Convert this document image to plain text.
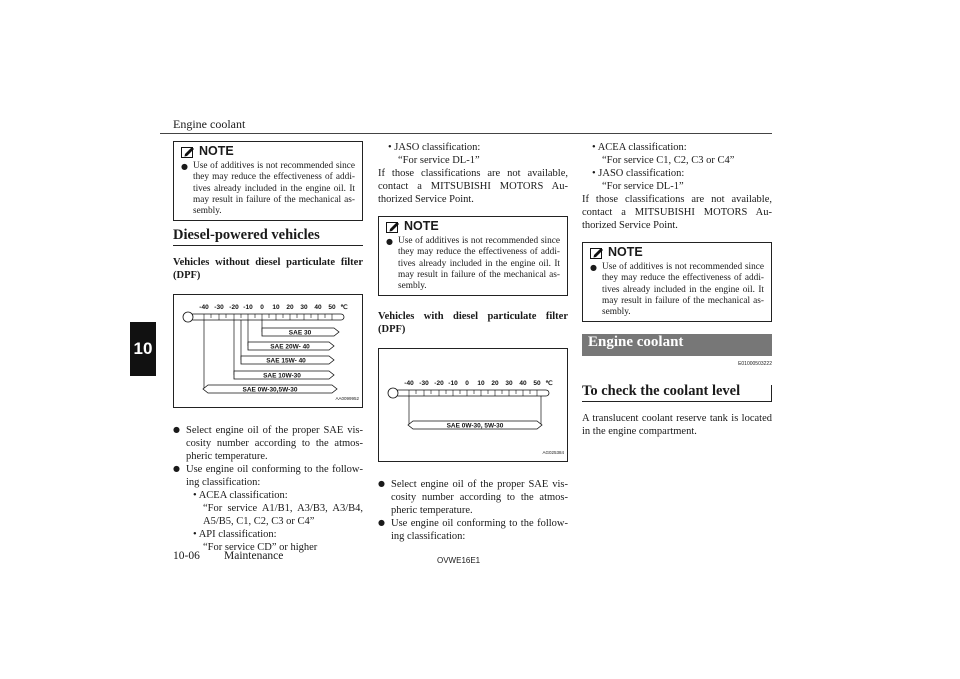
Engine coolant
10
NOTE
● Use of additives is not recommended since they may reduce the effectiveness of addi-tives already included in the engine oil. It may result in failure of the mechanical as-sembly.
Diesel-powered vehicles
Vehicles without diesel particulate filter (DPF)
-40 -30 -20 -10 0 10 20 30 40 50 ℃
SAE 30
SAE 20W- 40
SAE 15W- 40
SAE 10W-30
SAE 0W-30,5W-30
AA0099952
● Select engine oil of the proper SAE vis-cosity number according to the atmos-pheric temperature.
● Use engine oil conforming to the follow-ing classification:
• ACEA classification:
“For service A1/B1, A3/B3, A3/B4, A5/B5, C1, C2, C3 or C4”
• API classification:
“For service CD” or higher
• JASO classification:
“For service DL-1”

If those classifications are not available, contact a MITSUBISHI MOTORS Au-thorized Service Point.

NOTE
● Use of additives is not recommended since they may reduce the effectiveness of addi-tives already included in the engine oil. It may result in failure of the mechanical as-sembly.
Vehicles with diesel particulate filter (DPF)
-40 -30 -20 -10 0 10 20 30 40 50 ℃
SAE 0W-30, 5W-30
AG025384
● Select engine oil of the proper SAE vis-cosity number according to the atmos-pheric temperature.
● Use engine oil conforming to the follow-ing classification:
• ACEA classification:
“For service C1, C2, C3 or C4”
• JASO classification:
“For service DL-1”

If those classifications are not available, contact a MITSUBISHI MOTORS Au-thorized Service Point.

NOTE
● Use of additives is not recommended since they may reduce the effectiveness of addi-tives already included in the engine oil. It may result in failure of the mechanical as-sembly.
Engine coolant
E01000503222
To check the coolant level

A translucent coolant reserve tank is located in the engine compartment.

10-06 Maintenance	OVWE16E1
